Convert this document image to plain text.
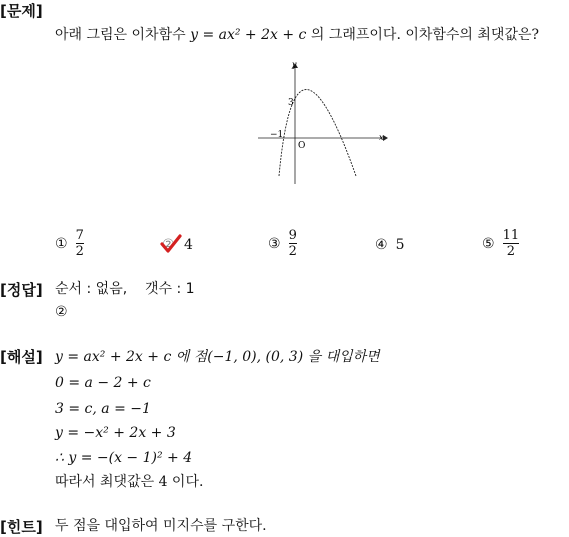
[문제]
아래 그림은 이차함수 y = ax² + 2x + c 의 그래프이다. 이차함수의 최댓값은?
y
x
3
−1
O
① $\frac{7}{2}$	② 4	③ $\frac{9}{2}$	④ 5	⑤ $\frac{11}{2}$
[정답] 순서 : 없음,    갯수 : 1
②
[해설] y = ax² + 2x + c 에 점(−1, 0), (0, 3) 을 대입하면
0 = a − 2 + c
3 = c, a = −1
y = −x² + 2x + 3
∴ y = −(x − 1)² + 4
따라서 최댓값은 4 이다.
[힌트] 두 점을 대입하여 미지수를 구한다.
